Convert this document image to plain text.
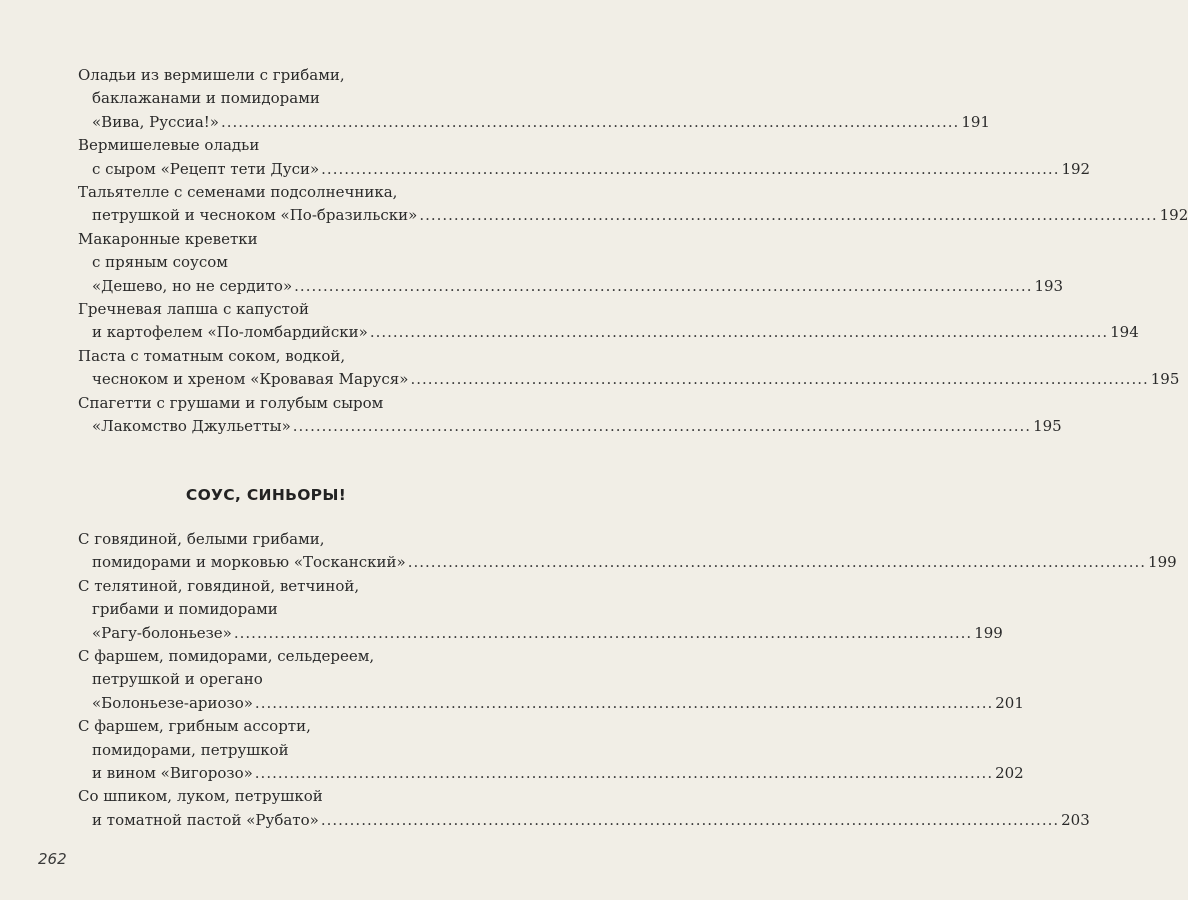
Оладьи из вермишели с грибами,
баклажанами и помидорами
«Вива, Руссиа!» ................................................................................................................................ 191
Вермишелевые оладьи
с сыром «Рецепт тети Дуси» ................................................................................................................................ 192
Тальятелле с семенами подсолнечника,
петрушкой и чесноком «По-бразильски» ................................................................................................................................ 192
Макаронные креветки
с пряным соусом
«Дешево, но не сердито» ................................................................................................................................ 193
Гречневая лапша с капустой
и картофелем «По-ломбардийски» ................................................................................................................................ 194
Паста с томатным соком, водкой,
чесноком и хреном «Кровавая Маруся» ................................................................................................................................ 195
Спагетти с грушами и голубым сыром
«Лакомство Джульетты» ................................................................................................................................ 195
СОУС, СИНЬОРЫ!
С говядиной, белыми грибами,
помидорами и морковью «Тосканский» ................................................................................................................................ 199
С телятиной, говядиной, ветчиной,
грибами и помидорами
«Рагу-болоньезе» ................................................................................................................................ 199
С фаршем, помидорами, сельдереем,
петрушкой и орегано
«Болоньезе-ариозо» ................................................................................................................................ 201
С фаршем, грибным ассорти,
помидорами, петрушкой
и вином «Вигорозо» ................................................................................................................................ 202
Со шпиком, луком, петрушкой
и томатной пастой «Рубато» ................................................................................................................................ 203
262
